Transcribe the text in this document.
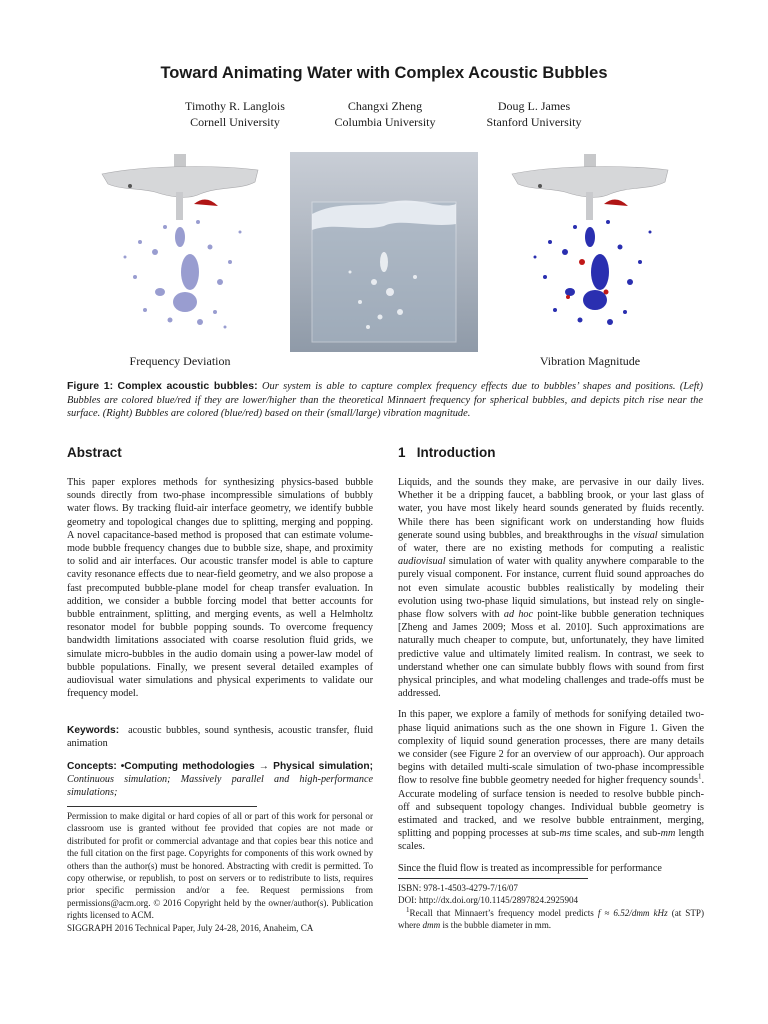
Toward Animating Water with Complex Acoustic Bubbles
Timothy R. Langlois
Cornell University
Changxi Zheng
Columbia University
Doug L. James
Stanford University
Frequency Deviation	Vibration Magnitude
Figure 1: Complex acoustic bubbles: Our system is able to capture complex frequency effects due to bubbles’ shapes and positions. (Left) Bubbles are colored blue/red if they are lower/higher than the theoretical Minnaert frequency for spherical bubbles, and depicts pitch rise near the surface. (Right) Bubbles are colored (blue/red) based on their (small/large) vibration magnitude.
Abstract

This paper explores methods for synthesizing physics-based bubble sounds directly from two-phase incompressible simulations of bubbly water flows. By tracking fluid-air interface geometry, we identify bubble geometry and topological changes due to splitting, merging and popping. A novel capacitance-based method is proposed that can estimate volume-mode bubble frequency changes due to bubble size, shape, and proximity to solid and air interfaces. Our acoustic transfer model is able to capture cavity resonance effects due to near-field geometry, and we also propose a fast precomputed bubble-plane model for cheap transfer evaluation. In addition, we consider a bubble forcing model that better accounts for bubble entrainment, splitting, and merging events, as well a Helmholtz resonator model for bubble popping sounds. To overcome frequency bandwidth limitations associated with coarse resolution fluid grids, we simulate micro-bubbles in the audio domain using a power-law model of bubble populations. Finally, we present several detailed examples of audiovisual water simulations and physical experiments to validate our frequency model.

Keywords: acoustic bubbles, sound synthesis, acoustic transfer, fluid animation

Concepts: •Computing methodologies → Physical simulation; Continuous simulation; Massively parallel and high-performance simulations;

Permission to make digital or hard copies of all or part of this work for personal or classroom use is granted without fee provided that copies are not made or distributed for profit or commercial advantage and that copies bear this notice and the full citation on the first page. Copyrights for components of this work owned by others than the author(s) must be honored. Abstracting with credit is permitted. To copy otherwise, or republish, to post on servers or to redistribute to lists, requires prior specific permission and/or a fee. Request permissions from permissions@acm.org. © 2016 Copyright held by the owner/author(s). Publication rights licensed to ACM.
SIGGRAPH 2016 Technical Paper, July 24-28, 2016, Anaheim, CA
1 Introduction

Liquids, and the sounds they make, are pervasive in our daily lives. Whether it be a dripping faucet, a babbling brook, or your last glass of water, you have most likely heard sounds generated by fluids recently. While there has been significant work on understanding how fluids generate sound using bubbles, and breakthroughs in the visual simulation of water, there are no existing methods for computing a realistic audiovisual simulation of water with quality anywhere comparable to the purely visual component. For instance, current fluid sound approaches do not even simulate acoustic bubbles realistically by modeling their evolution using two-phase liquid simulations, but instead rely on single-phase flow solvers with ad hoc point-like bubble generation techniques [Zheng and James 2009; Moss et al. 2010]. Such approximations are naturally much cheaper to compute, but, unfortunately, they have limited predictive value and ultimately limited realism. In contrast, we seek to understand whether one can simulate bubbly flows with sound from first physical principles, and what modeling challenges and trade-offs must be addressed.

In this paper, we explore a family of methods for sonifying detailed two-phase liquid animations such as the one shown in Figure 1. Given the complexity of liquid sound generation processes, there are many details we consider (see Figure 2 for an overview of our approach). Our approach begins with detailed multi-scale simulation of two-phase incompressible flow to resolve fine bubble geometry needed for higher frequency sounds$^1$. Accurate modeling of surface tension is needed to resolve bubble pinch-off and subsequent topology changes. Individual bubble geometry is estimated and tracked, and we resolve bubble entrainment, merging, splitting and popping processes at sub-ms time scales, and sub-mm length scales.

Since the fluid flow is treated as incompressible for performance

ISBN: 978-1-4503-4279-7/16/07
DOI: http://dx.doi.org/10.1145/2897824.2925904
$^1$Recall that Minnaert’s frequency model predicts f ≈ 6.52/dmm kHz (at STP) where dmm is the bubble diameter in mm.
